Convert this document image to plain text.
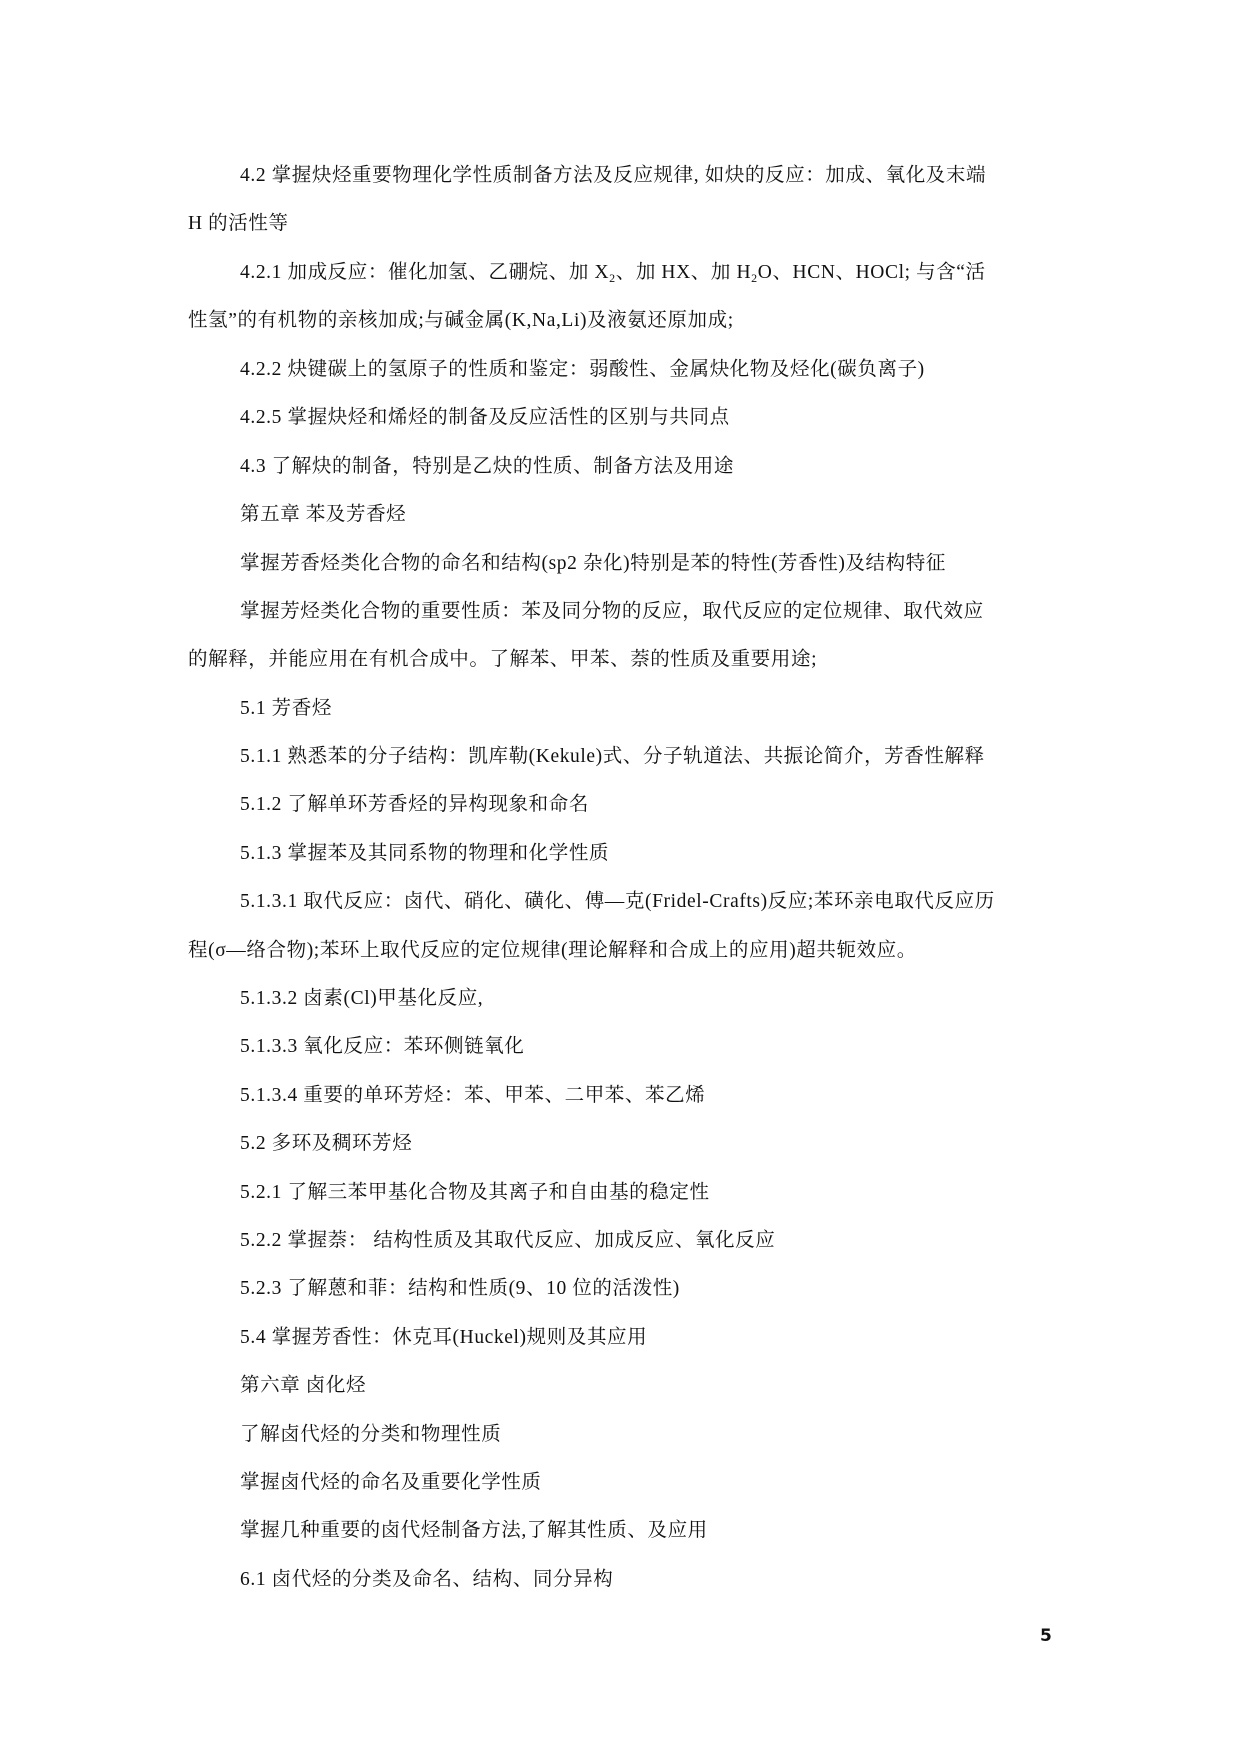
4.2 掌握炔烃重要物理化学性质制备方法及反应规律, 如炔的反应：加成、氧化及末端
H 的活性等
4.2.1 加成反应：催化加氢、乙硼烷、加 $X_2$、加 HX、加 $H_2O$、HCN、HOCl; 与含“活
性氢”的有机物的亲核加成;与碱金属(K,Na,Li)及液氨还原加成;
4.2.2 炔键碳上的氢原子的性质和鉴定：弱酸性、金属炔化物及烃化(碳负离子)
4.2.5 掌握炔烃和烯烃的制备及反应活性的区别与共同点
4.3 了解炔的制备，特别是乙炔的性质、制备方法及用途
第五章 苯及芳香烃
掌握芳香烃类化合物的命名和结构(sp2 杂化)特别是苯的特性(芳香性)及结构特征
掌握芳烃类化合物的重要性质：苯及同分物的反应，取代反应的定位规律、取代效应
的解释，并能应用在有机合成中。了解苯、甲苯、萘的性质及重要用途;
5.1 芳香烃
5.1.1 熟悉苯的分子结构：凯库勒(Kekule)式、分子轨道法、共振论简介，芳香性解释
5.1.2 了解单环芳香烃的异构现象和命名
5.1.3 掌握苯及其同系物的物理和化学性质
5.1.3.1 取代反应：卤代、硝化、磺化、傅—克(Fridel-Crafts)反应;苯环亲电取代反应历
程(σ—络合物);苯环上取代反应的定位规律(理论解释和合成上的应用)超共轭效应。
5.1.3.2 卤素(Cl)甲基化反应,
5.1.3.3 氧化反应：苯环侧链氧化
5.1.3.4 重要的单环芳烃：苯、甲苯、二甲苯、苯乙烯
5.2 多环及稠环芳烃
5.2.1 了解三苯甲基化合物及其离子和自由基的稳定性
5.2.2 掌握萘： 结构性质及其取代反应、加成反应、氧化反应
5.2.3 了解蒽和菲：结构和性质(9、10 位的活泼性)
5.4 掌握芳香性：休克耳(Huckel)规则及其应用
第六章 卤化烃
了解卤代烃的分类和物理性质
掌握卤代烃的命名及重要化学性质
掌握几种重要的卤代烃制备方法,了解其性质、及应用
6.1 卤代烃的分类及命名、结构、同分异构
5
